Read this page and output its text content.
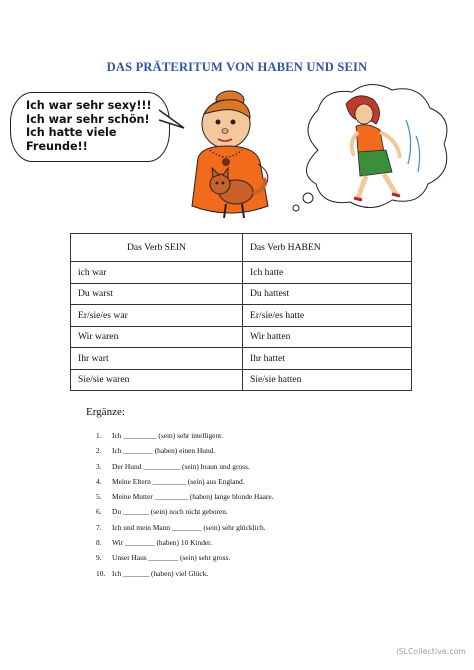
DAS PRÄTERITUM VON HABEN UND SEIN
Ich war sehr sexy!!!
Ich war sehr schön!
Ich hatte viele
Freunde!!
Das Verb SEIN	Das Verb HABEN
ich war	Ich hatte
Du warst	Du hattest
Er/sie/es war	Er/sie/es hatte
Wir waren	Wir hatten
Ihr wart	Ihr hattet
Sie/sie waren	Sie/sie hatten
Ergänze:
1. Ich _________ (sein) sehr intelligent.
2. Ich ________ (haben) einen Hund.
3. Der Hund __________ (sein) braun und gross.
4. Meine Eltern _________ (sein) aus England.
5. Meine Mutter _________ (haben) lange blonde Haare.
6. Du _______ (sein) noch nicht geboren.
7. Ich und mein Mann ________ (sein) sehr glücklich.
8. Wir ________ (haben) 10 Kinder.
9. Unser Haus ________ (sein) sehr gross.
10. Ich _______ (haben) viel Glück.
iSLCollective.com
